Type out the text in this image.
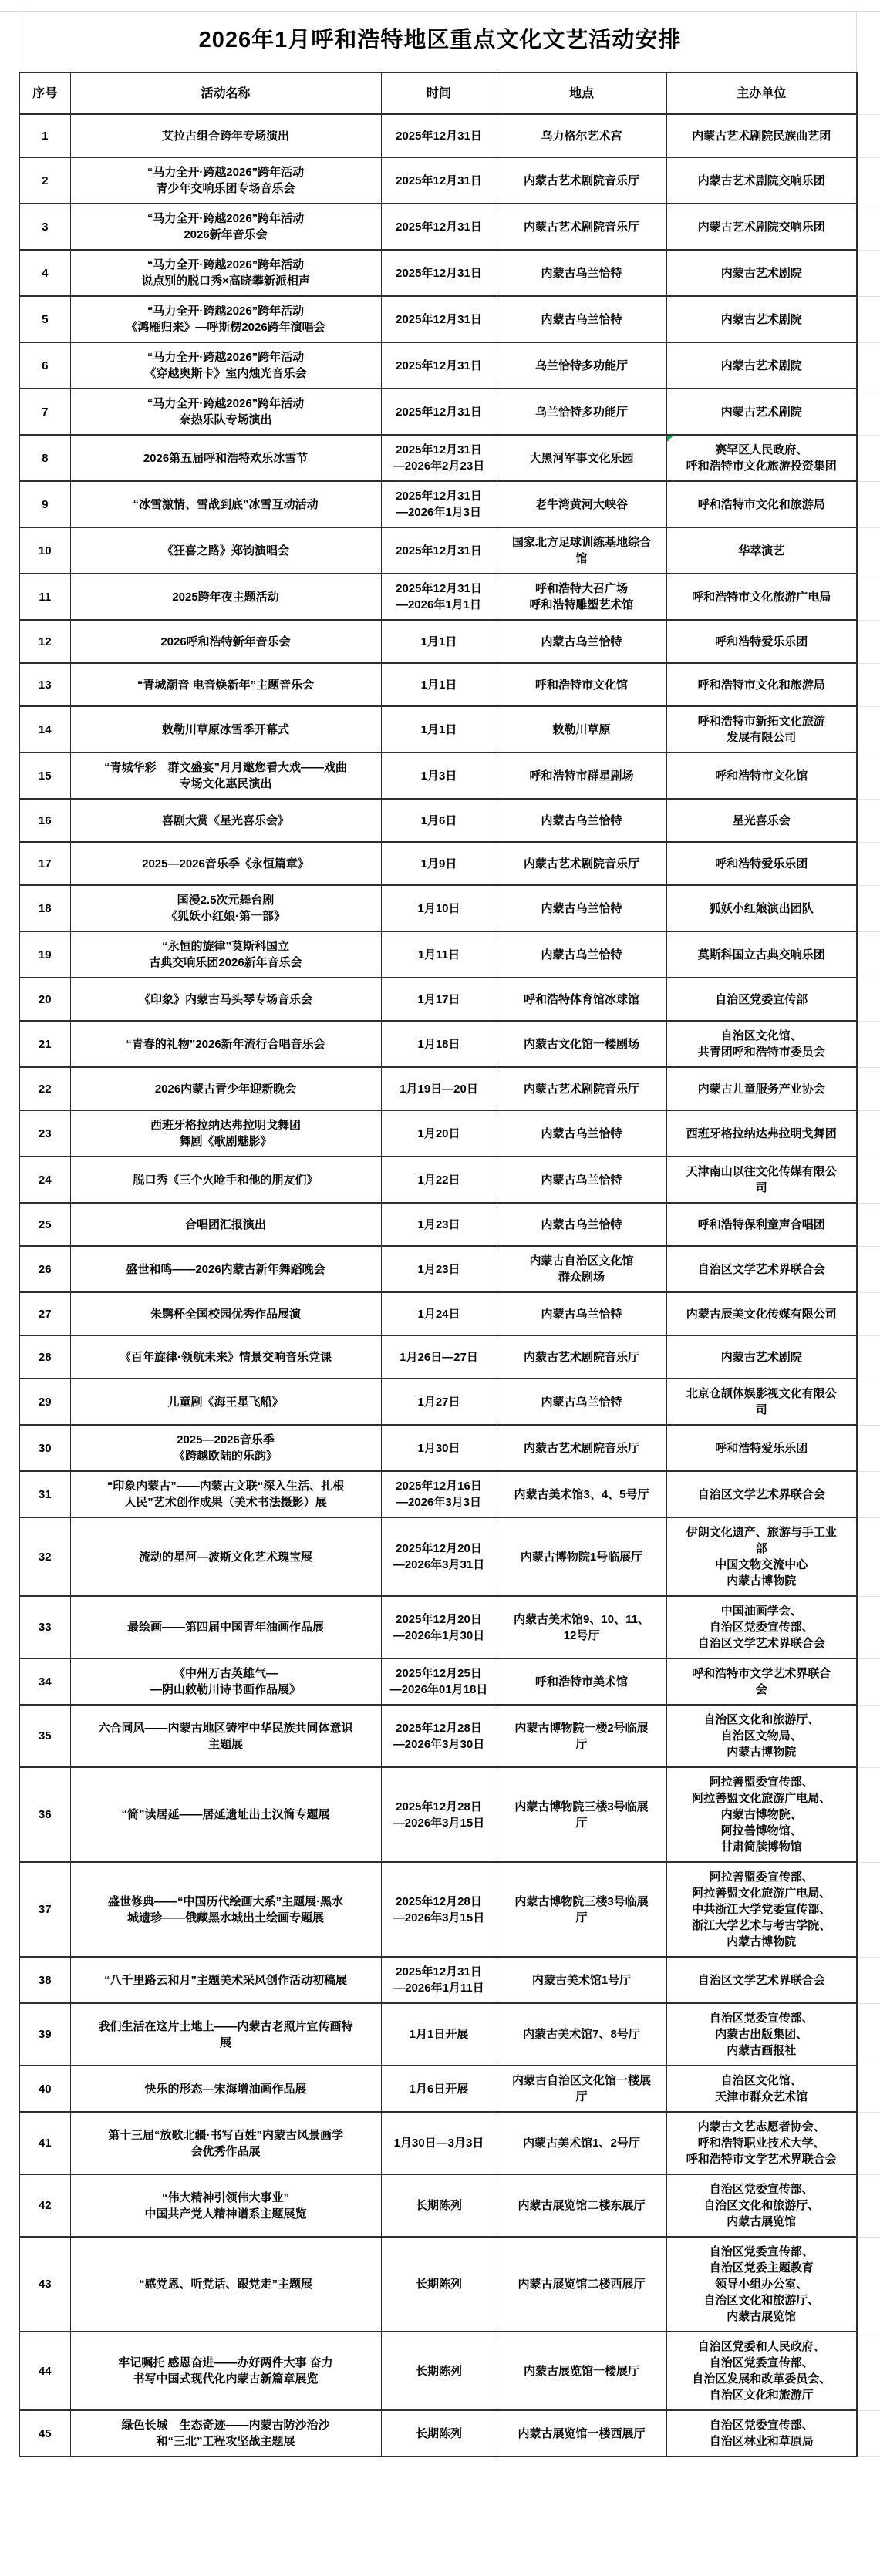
2026年1月呼和浩特地区重点文化文艺活动安排
序号	活动名称	时间	地点	主办单位	
1	艾拉古组合跨年专场演出	2025年12月31日	乌力格尔艺术宫	内蒙古艺术剧院民族曲艺团	
2	“马力全开·跨越2026”跨年活动
青少年交响乐团专场音乐会	2025年12月31日	内蒙古艺术剧院音乐厅	内蒙古艺术剧院交响乐团	
3	“马力全开·跨越2026”跨年活动
2026新年音乐会	2025年12月31日	内蒙古艺术剧院音乐厅	内蒙古艺术剧院交响乐团	
4	“马力全开·跨越2026”跨年活动
说点别的脱口秀×高晓攀新派相声	2025年12月31日	内蒙古乌兰恰特	内蒙古艺术剧院	
5	“马力全开·跨越2026”跨年活动
《鸿雁归来》—呼斯楞2026跨年演唱会	2025年12月31日	内蒙古乌兰恰特	内蒙古艺术剧院	
6	“马力全开·跨越2026”跨年活动
《穿越奥斯卡》室内烛光音乐会	2025年12月31日	乌兰恰特多功能厅	内蒙古艺术剧院	
7	“马力全开·跨越2026”跨年活动
奈热乐队专场演出	2025年12月31日	乌兰恰特多功能厅	内蒙古艺术剧院	
8	2026第五届呼和浩特欢乐冰雪节	2025年12月31日
—2026年2月23日	大黑河军事文化乐园	赛罕区人民政府、
呼和浩特市文化旅游投资集团

9	“冰雪激情、雪战到底”冰雪互动活动	2025年12月31日
—2026年1月3日	老牛湾黄河大峡谷	呼和浩特市文化和旅游局	
10	《狂喜之路》郑钧演唱会	2025年12月31日	国家北方足球训练基地综合
馆	华萃演艺	
11	2025跨年夜主题活动	2025年12月31日
—2026年1月1日	呼和浩特大召广场
呼和浩特雕塑艺术馆	呼和浩特市文化旅游广电局	
12	2026呼和浩特新年音乐会	1月1日	内蒙古乌兰恰特	呼和浩特爱乐乐团	
13	“青城潮音 电音焕新年”主题音乐会	1月1日	呼和浩特市文化馆	呼和浩特市文化和旅游局	
14	敕勒川草原冰雪季开幕式	1月1日	敕勒川草原	呼和浩特市新拓文化旅游
发展有限公司	
15	“青城华彩　群文盛宴”月月邀您看大戏——戏曲
专场文化惠民演出	1月3日	呼和浩特市群星剧场	呼和浩特市文化馆	
16	喜剧大赏《星光喜乐会》	1月6日	内蒙古乌兰恰特	星光喜乐会	
17	2025—2026音乐季《永恒篇章》	1月9日	内蒙古艺术剧院音乐厅	呼和浩特爱乐乐团	
18	国漫2.5次元舞台剧
《狐妖小红娘·第一部》	1月10日	内蒙古乌兰恰特	狐妖小红娘演出团队	
19	“永恒的旋律”莫斯科国立
古典交响乐团2026新年音乐会	1月11日	内蒙古乌兰恰特	莫斯科国立古典交响乐团	
20	《印象》内蒙古马头琴专场音乐会	1月17日	呼和浩特体育馆冰球馆	自治区党委宣传部	
21	“青春的礼物”2026新年流行合唱音乐会	1月18日	内蒙古文化馆一楼剧场	自治区文化馆、
共青团呼和浩特市委员会	
22	2026内蒙古青少年迎新晚会	1月19日—20日	内蒙古艺术剧院音乐厅	内蒙古儿童服务产业协会	
23	西班牙格拉纳达弗拉明戈舞团
舞剧《歌剧魅影》	1月20日	内蒙古乌兰恰特	西班牙格拉纳达弗拉明戈舞团	
24	脱口秀《三个火呛手和他的朋友们》	1月22日	内蒙古乌兰恰特	天津南山以往文化传媒有限公
司	
25	合唱团汇报演出	1月23日	内蒙古乌兰恰特	呼和浩特保利童声合唱团	
26	盛世和鸣——2026内蒙古新年舞蹈晚会	1月23日	内蒙古自治区文化馆
群众剧场	自治区文学艺术界联合会	
27	朱鹮杯全国校园优秀作品展演	1月24日	内蒙古乌兰恰特	内蒙古辰美文化传媒有限公司	
28	《百年旋律·领航未来》情景交响音乐党课	1月26日—27日	内蒙古艺术剧院音乐厅	内蒙古艺术剧院	
29	儿童剧《海王星飞船》	1月27日	内蒙古乌兰恰特	北京仓颉体娱影视文化有限公
司	
30	2025—2026音乐季
《跨越欧陆的乐韵》	1月30日	内蒙古艺术剧院音乐厅	呼和浩特爱乐乐团	
31	“印象内蒙古”——内蒙古文联“深入生活、扎根
人民”艺术创作成果（美术书法摄影）展	2025年12月16日
—2026年3月3日	内蒙古美术馆3、4、5号厅	自治区文学艺术界联合会	
32	流动的星河—波斯文化艺术瑰宝展	2025年12月20日
—2026年3月31日	内蒙古博物院1号临展厅	伊朗文化遗产、旅游与手工业
部
中国文物交流中心
内蒙古博物院	
33	最绘画——第四届中国青年油画作品展	2025年12月20日
—2026年1月30日	内蒙古美术馆9、10、11、
12号厅	中国油画学会、
自治区党委宣传部、
自治区文学艺术界联合会	
34	《中州万古英雄气—
—阴山敕勒川诗书画作品展》	2025年12月25日
—2026年01月18日	呼和浩特市美术馆	呼和浩特市文学艺术界联合
会	
35	六合同风——内蒙古地区铸牢中华民族共同体意识
主题展	2025年12月28日
—2026年3月30日	内蒙古博物院一楼2号临展
厅	自治区文化和旅游厅、
自治区文物局、
内蒙古博物院	
36	“简”读居延——居延遗址出土汉简专题展	2025年12月28日
—2026年3月15日	内蒙古博物院三楼3号临展
厅	阿拉善盟委宣传部、
阿拉善盟文化旅游广电局、
内蒙古博物院、
阿拉善博物馆、
甘肃简牍博物馆	
37	盛世修典——“中国历代绘画大系”主题展·黑水
城遗珍——俄藏黑水城出土绘画专题展	2025年12月28日
—2026年3月15日	内蒙古博物院三楼3号临展
厅	阿拉善盟委宣传部、
阿拉善盟文化旅游广电局、
中共浙江大学党委宣传部、
浙江大学艺术与考古学院、
内蒙古博物院	
38	“八千里路云和月”主题美术采风创作活动初稿展	2025年12月31日
—2026年1月11日	内蒙古美术馆1号厅	自治区文学艺术界联合会	
39	我们生活在这片土地上——内蒙古老照片宣传画特
展	1月1日开展	内蒙古美术馆7、8号厅	自治区党委宣传部、
内蒙古出版集团、
内蒙古画报社	
40	快乐的形态—宋海增油画作品展	1月6日开展	内蒙古自治区文化馆一楼展
厅	自治区文化馆、
天津市群众艺术馆	
41	第十三届“放歌北疆·书写百姓”内蒙古风景画学
会优秀作品展	1月30日—3月3日	内蒙古美术馆1、2号厅	内蒙古文艺志愿者协会、
呼和浩特职业技术大学、
呼和浩特市文学艺术界联合会	
42	“伟大精神引领伟大事业”
中国共产党人精神谱系主题展览	长期陈列	内蒙古展览馆二楼东展厅	自治区党委宣传部、
自治区文化和旅游厅、
内蒙古展览馆	
43	“感党恩、听党话、跟党走”主题展	长期陈列	内蒙古展览馆二楼西展厅	自治区党委宣传部、
自治区党委主题教育
领导小组办公室、
自治区文化和旅游厅、
内蒙古展览馆	
44	牢记嘱托 感恩奋进——办好两件大事 奋力
书写中国式现代化内蒙古新篇章展览	长期陈列	内蒙古展览馆一楼展厅	自治区党委和人民政府、
自治区党委宣传部、
自治区发展和改革委员会、
自治区文化和旅游厅	
45	绿色长城　生态奇迹——内蒙古防沙治沙
和“三北”工程攻坚战主题展	长期陈列	内蒙古展览馆一楼西展厅	自治区党委宣传部、
自治区林业和草原局	
